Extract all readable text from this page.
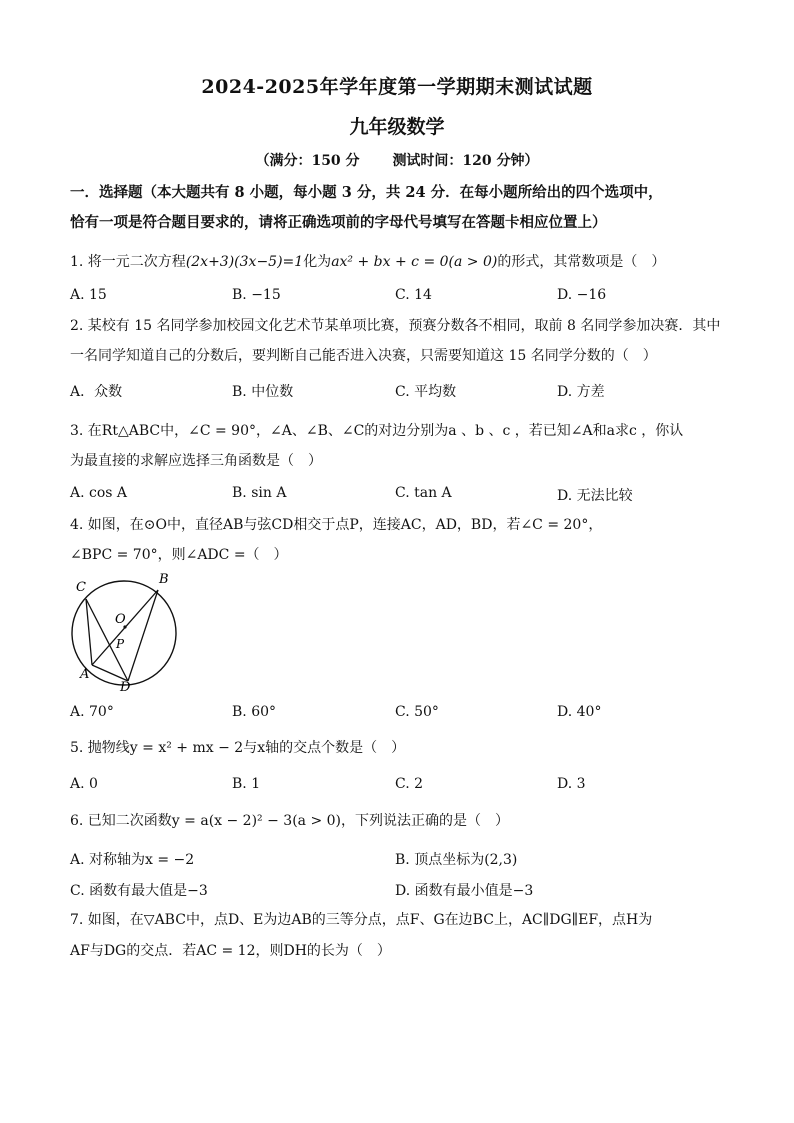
2024-2025年学年度第一学期期末测试试题
九年级数学
（满分：150 分 测试时间：120 分钟）
一．选择题（本大题共有 8 小题，每小题 3 分，共 24 分．在每小题所给出的四个选项中，
恰有一项是符合题目要求的，请将正确选项前的字母代号填写在答题卡相应位置上）
1. 将一元二次方程(2x+3)(3x−5)=1化为ax² + bx + c = 0(a > 0)的形式，其常数项是（　）
A. 15	B. −15	C. 14	D. −16
2. 某校有 15 名同学参加校园文化艺术节某单项比赛，预赛分数各不相同，取前 8 名同学参加决赛．其中
一名同学知道自己的分数后，要判断自己能否进入决赛，只需要知道这 15 名同学分数的（　）
A．众数	B. 中位数	C. 平均数	D. 方差
3. 在Rt△ABC中，∠C = 90°，∠A、∠B、∠C的对边分别为a 、b 、c ，若已知∠A和a求c ，你认
为最直接的求解应选择三角函数是（　）
A. cos A	B. sin A	C. tan A	D. 无法比较
4. 如图，在⊙O中，直径AB与弦CD相交于点P，连接AC，AD，BD，若∠C = 20°，
∠BPC = 70°，则∠ADC =（　）
C
B
O
P
A
D
A. 70°	B. 60°	C. 50°	D. 40°
5. 抛物线y = x² + mx − 2与x轴的交点个数是（　）
A. 0	B. 1	C. 2	D. 3
6. 已知二次函数y = a(x − 2)² − 3(a > 0)，下列说法正确的是（　）
A. 对称轴为x = −2	B. 顶点坐标为(2,3)
C. 函数有最大值是−3	D. 函数有最小值是−3
7. 如图，在▽ABC中，点D、E为边AB的三等分点，点F、G在边BC上，AC∥DG∥EF，点H为
AF与DG的交点．若AC = 12，则DH的长为（　）
